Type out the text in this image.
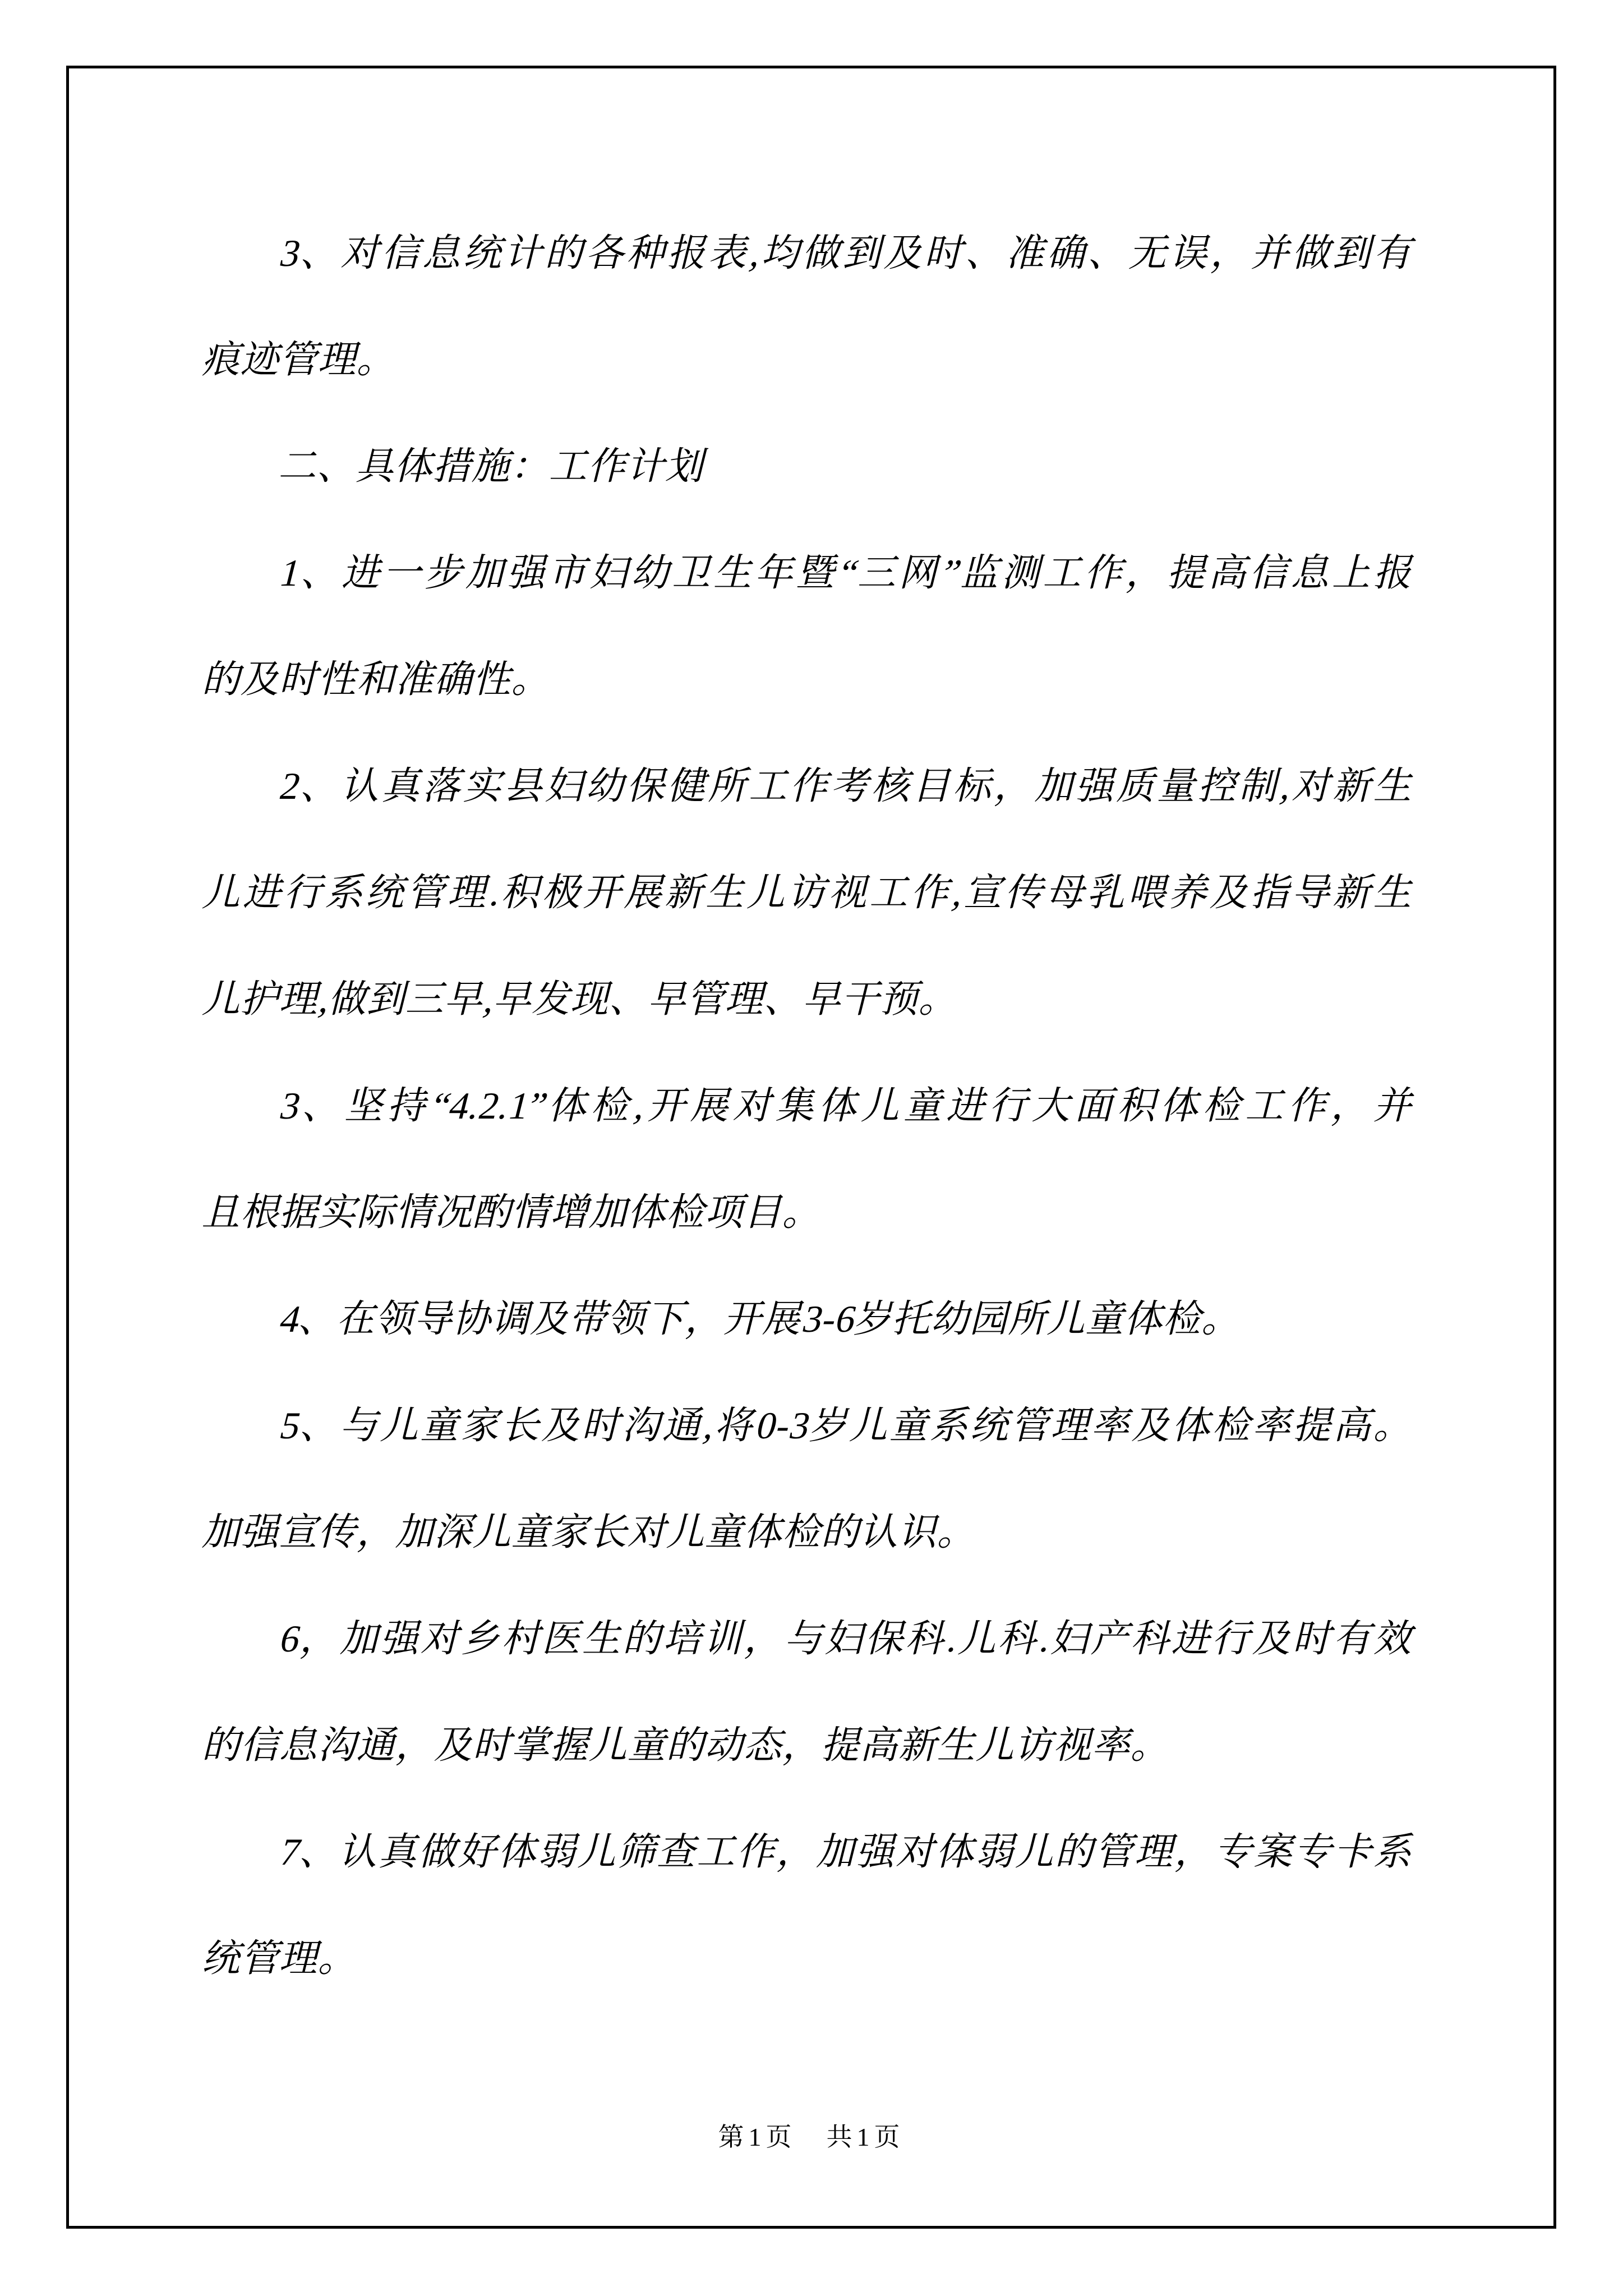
3、对信息统计的各种报表,均做到及时、准确、无误，并做到有
痕迹管理。
二、具体措施：工作计划
1、进一步加强市妇幼卫生年暨“三网”监测工作，提高信息上报
的及时性和准确性。
2、认真落实县妇幼保健所工作考核目标，加强质量控制,对新生
儿进行系统管理.积极开展新生儿访视工作,宣传母乳喂养及指导新生
儿护理,做到三早,早发现、早管理、早干预。
3、坚持“4.2.1”体检,开展对集体儿童进行大面积体检工作，并
且根据实际情况酌情增加体检项目。
4、在领导协调及带领下，开展3-6岁托幼园所儿童体检。
5、与儿童家长及时沟通,将0-3岁儿童系统管理率及体检率提高。
加强宣传，加深儿童家长对儿童体检的认识。
6，加强对乡村医生的培训，与妇保科.儿科.妇产科进行及时有效
的信息沟通，及时掌握儿童的动态，提高新生儿访视率。
7、认真做好体弱儿筛查工作，加强对体弱儿的管理，专案专卡系
统管理。
第1页　共1页
